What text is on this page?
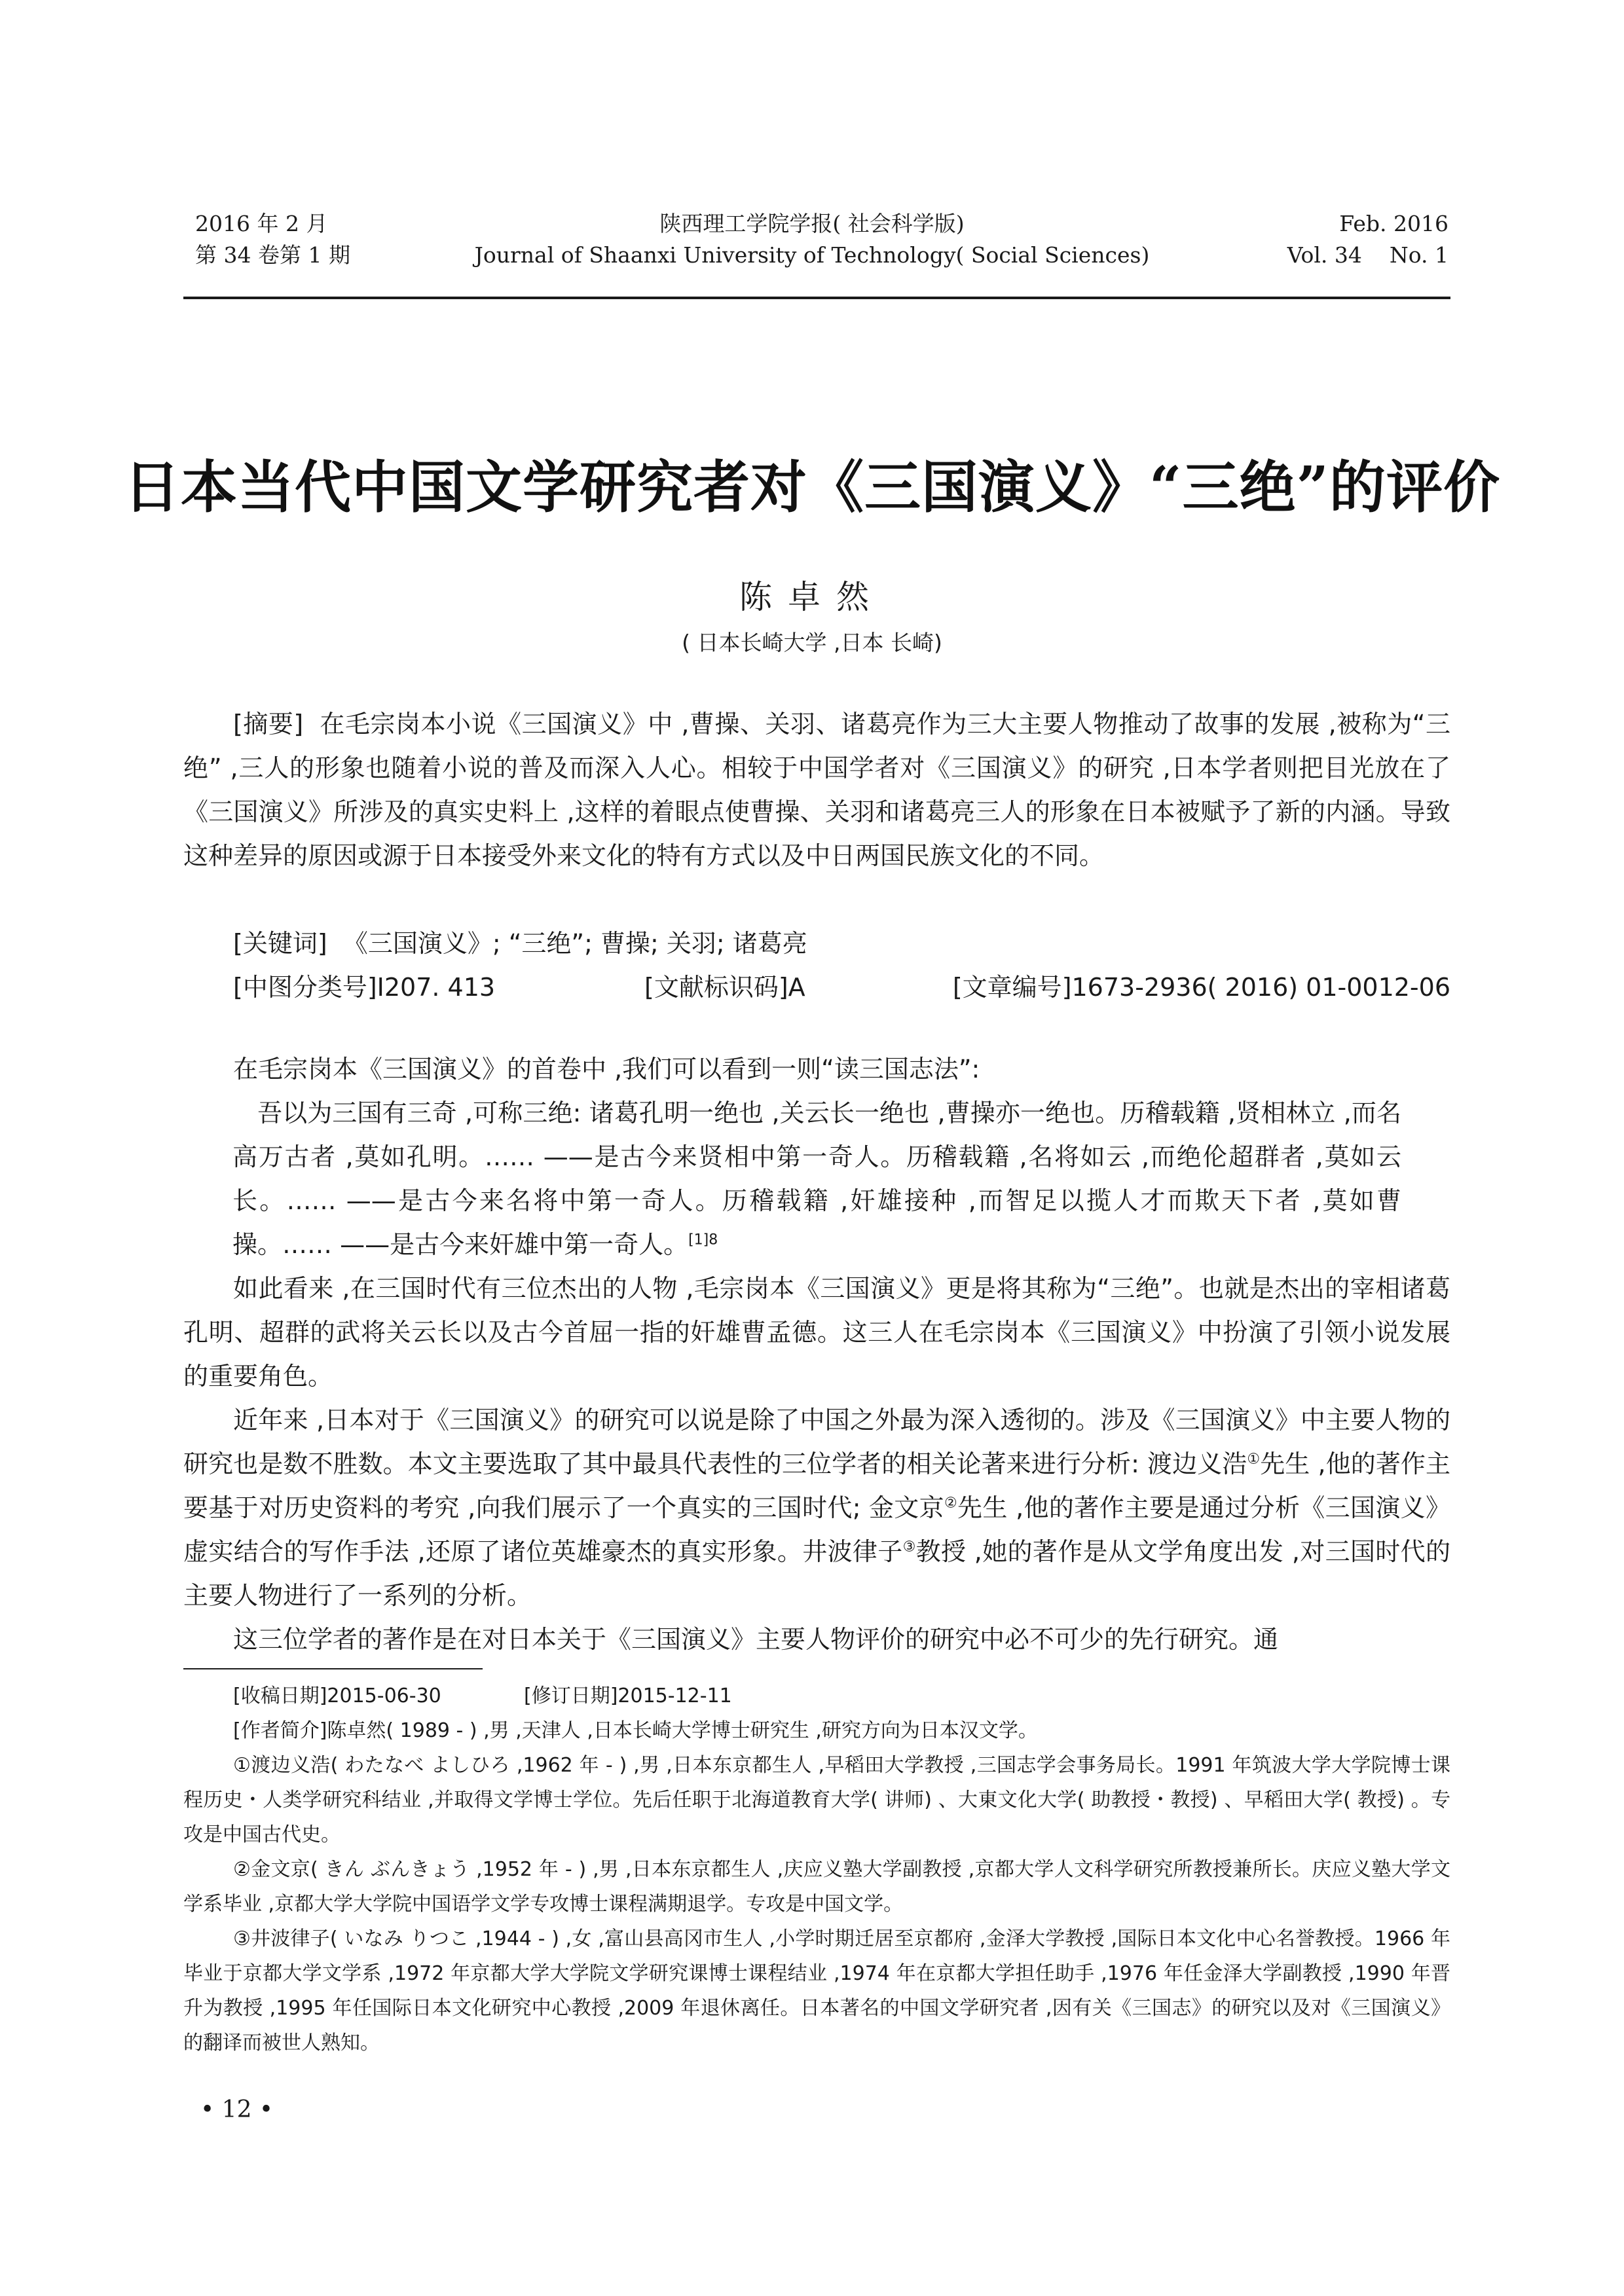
2016 年 2 月
第 34 卷第 1 期
陕西理工学院学报( 社会科学版)
Journal of Shaanxi University of Technology( Social Sciences)
Feb. 2016
Vol. 34    No. 1
日本当代中国文学研究者对《三国演义》“三绝”的评价
陈卓然
( 日本长崎大学 ,日本 长崎)
[摘要] 在毛宗岗本小说《三国演义》中 ,曹操、关羽、诸葛亮作为三大主要人物推动了故事的发展 ,被称为“三绝” ,三人的形象也随着小说的普及而深入人心。相较于中国学者对《三国演义》的研究 ,日本学者则把目光放在了《三国演义》所涉及的真实史料上 ,这样的着眼点使曹操、关羽和诸葛亮三人的形象在日本被赋予了新的内涵。导致这种差异的原因或源于日本接受外来文化的特有方式以及中日两国民族文化的不同。
[关键词] 《三国演义》; “三绝”; 曹操; 关羽; 诸葛亮
[中图分类号]I207. 413	[文献标识码]A	[文章编号]1673-2936( 2016) 01-0012-06
在毛宗岗本《三国演义》的首卷中 ,我们可以看到一则“读三国志法”:
吾以为三国有三奇 ,可称三绝: 诸葛孔明一绝也 ,关云长一绝也 ,曹操亦一绝也。历稽载籍 ,贤相林立 ,而名高万古者 ,莫如孔明。…… ——是古今来贤相中第一奇人。历稽载籍 ,名将如云 ,而绝伦超群者 ,莫如云长。…… ——是古今来名将中第一奇人。历稽载籍 ,奸雄接种 ,而智足以揽人才而欺天下者 ,莫如曹操。…… ——是古今来奸雄中第一奇人。$^{[1]8}$
如此看来 ,在三国时代有三位杰出的人物 ,毛宗岗本《三国演义》更是将其称为“三绝”。也就是杰出的宰相诸葛孔明、超群的武将关云长以及古今首屈一指的奸雄曹孟德。这三人在毛宗岗本《三国演义》中扮演了引领小说发展的重要角色。
近年来 ,日本对于《三国演义》的研究可以说是除了中国之外最为深入透彻的。涉及《三国演义》中主要人物的研究也是数不胜数。本文主要选取了其中最具代表性的三位学者的相关论著来进行分析: 渡边义浩①先生 ,他的著作主要基于对历史资料的考究 ,向我们展示了一个真实的三国时代; 金文京②先生 ,他的著作主要是通过分析《三国演义》虚实结合的写作手法 ,还原了诸位英雄豪杰的真实形象。井波律子③教授 ,她的著作是从文学角度出发 ,对三国时代的主要人物进行了一系列的分析。
这三位学者的著作是在对日本关于《三国演义》主要人物评价的研究中必不可少的先行研究。通
[收稿日期]2015-06-30	[修订日期]2015-12-11
[作者简介]陈卓然( 1989 - ) ,男 ,天津人 ,日本长崎大学博士研究生 ,研究方向为日本汉文学。
①渡边义浩( わたなべ よしひろ ,1962 年 - ) ,男 ,日本东京都生人 ,早稻田大学教授 ,三国志学会事务局长。1991 年筑波大学大学院博士课程历史・人类学研究科结业 ,并取得文学博士学位。先后任职于北海道教育大学( 讲师) 、大東文化大学( 助教授・教授) 、早稻田大学( 教授) 。专攻是中国古代史。
②金文京( きん ぶんきょう ,1952 年 - ) ,男 ,日本东京都生人 ,庆应义塾大学副教授 ,京都大学人文科学研究所教授兼所长。庆应义塾大学文学系毕业 ,京都大学大学院中国语学文学专攻博士课程满期退学。专攻是中国文学。
③井波律子( いなみ りつこ ,1944 - ) ,女 ,富山县高冈市生人 ,小学时期迁居至京都府 ,金泽大学教授 ,国际日本文化中心名誉教授。1966 年毕业于京都大学文学系 ,1972 年京都大学大学院文学研究课博士课程结业 ,1974 年在京都大学担任助手 ,1976 年任金泽大学副教授 ,1990 年晋升为教授 ,1995 年任国际日本文化研究中心教授 ,2009 年退休离任。日本著名的中国文学研究者 ,因有关《三国志》的研究以及对《三国演义》的翻译而被世人熟知。
• 12 •
